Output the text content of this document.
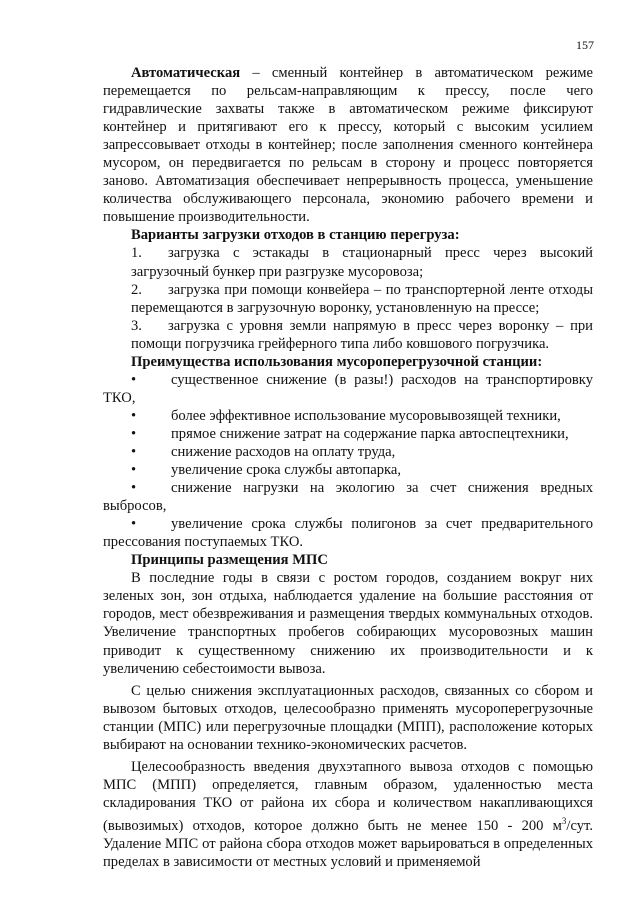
157

Автоматическая – сменный контейнер в автоматическом режиме перемещается по рельсам-направляющим к прессу, после чего гидравлические захваты также в автоматическом режиме фиксируют контейнер и притягивают его к прессу, который с высоким усилием запрессовывает отходы в контейнер; после заполнения сменного контейнера мусором, он передвигается по рельсам в сторону и процесс повторяется заново. Автоматизация обеспечивает непрерывность процесса, уменьшение количества обслуживающего персонала, экономию рабочего времени и повышение производительности.

Варианты загрузки отходов в станцию перегруза:

1. загрузка с эстакады в стационарный пресс через высокий загрузочный бункер при разгрузке мусоровоза;

2. загрузка при помощи конвейера – по транспортерной ленте отходы перемещаются в загрузочную воронку, установленную на прессе;

3. загрузка с уровня земли напрямую в пресс через воронку – при помощи погрузчика грейферного типа либо ковшового погрузчика.

Преимущества использования мусороперегрузочной станции:

• существенное снижение (в разы!) расходов на транспортировку ТКО,

• более эффективное использование мусоровывозящей техники,

• прямое снижение затрат на содержание парка автоспецтехники,

• снижение расходов на оплату труда,

• увеличение срока службы автопарка,

• снижение нагрузки на экологию за счет снижения вредных выбросов,

• увеличение срока службы полигонов за счет предварительного прессования поступаемых ТКО.

Принципы размещения МПС

В последние годы в связи с ростом городов, созданием вокруг них зеленых зон, зон отдыха, наблюдается удаление на большие расстояния от городов, мест обезвреживания и размещения твердых коммунальных отходов. Увеличение транспортных пробегов собирающих мусоровозных машин приводит к существенному снижению их производительности и к увеличению себестоимости вывоза.

С целью снижения эксплуатационных расходов, связанных со сбором и вывозом бытовых отходов, целесообразно применять мусороперегрузочные станции (МПС) или перегрузочные площадки (МПП), расположение которых выбирают на основании технико-экономических расчетов.

Целесообразность введения двухэтапного вывоза отходов с помощью МПС (МПП) определяется, главным образом, удаленностью места складирования ТКО от района их сбора и количеством накапливающихся (вывозимых) отходов, которое должно быть не менее 150 - 200 $м^3$/сут. Удаление МПС от района сбора отходов может варьироваться в определенных пределах в зависимости от местных условий и применяемой
